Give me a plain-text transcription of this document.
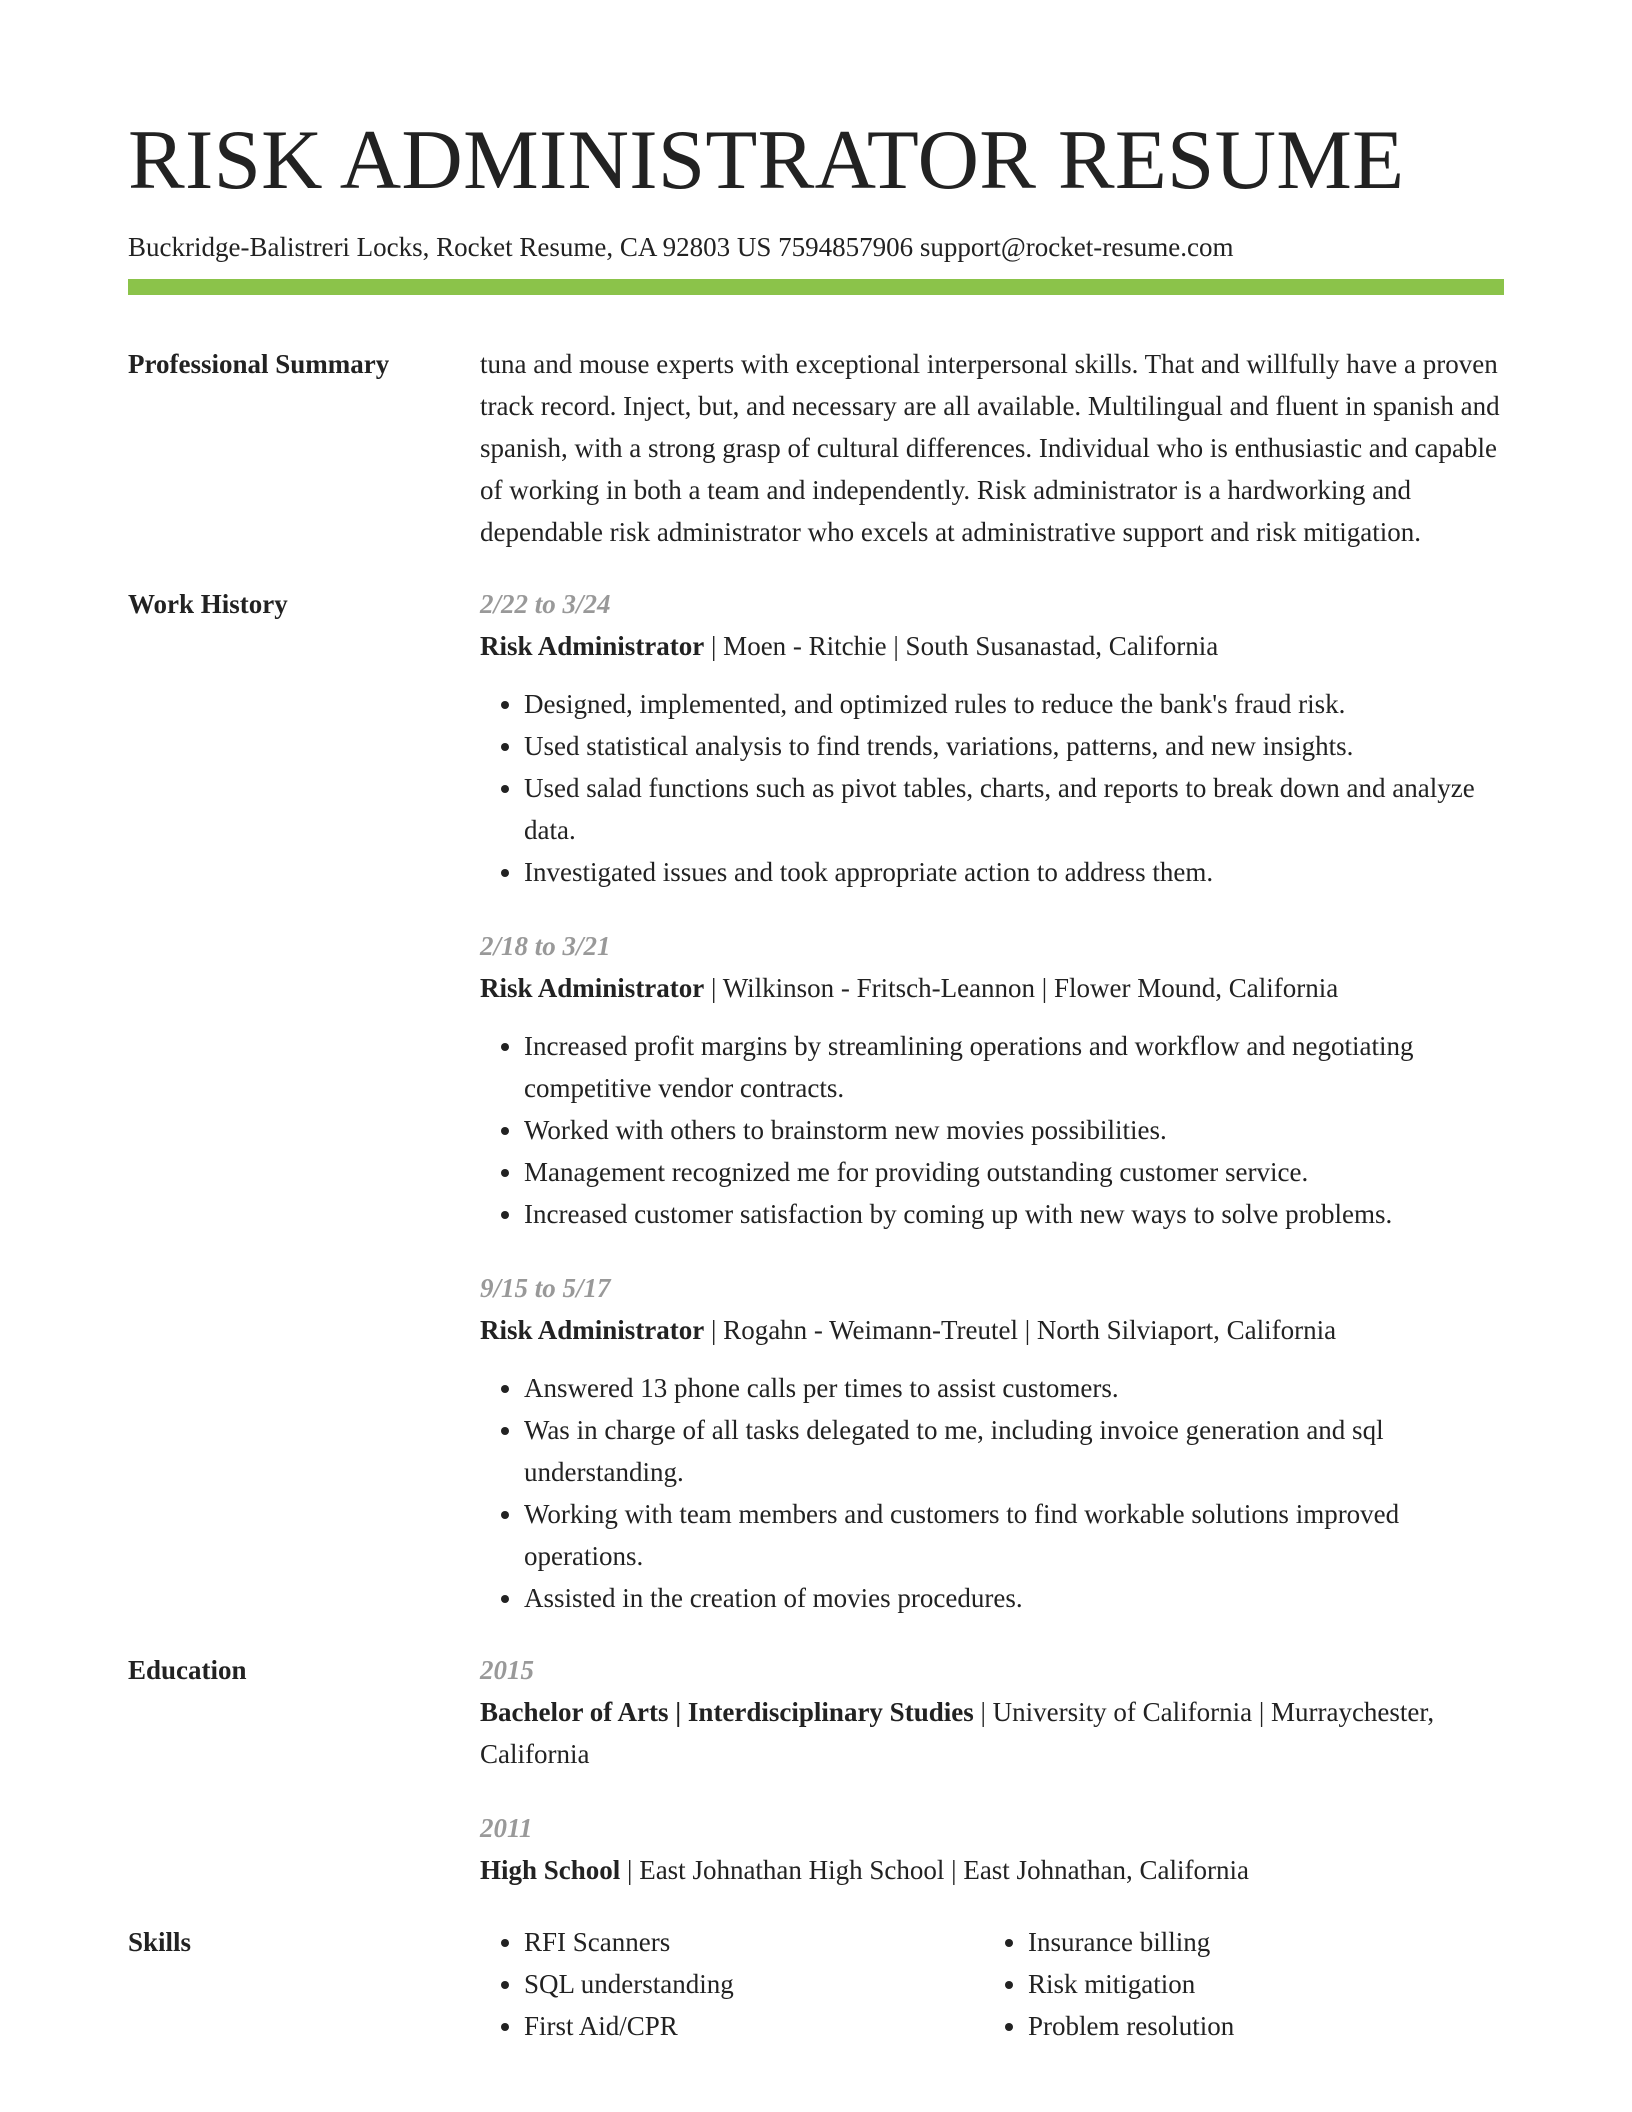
RISK ADMINISTRATOR RESUME
Buckridge-Balistreri Locks, Rocket Resume, CA 92803 US 7594857906 support@rocket-resume.com
Professional Summary	tuna and mouse experts with exceptional interpersonal skills. That and willfully have a proven track record. Inject, but, and necessary are all available. Multilingual and fluent in spanish and spanish, with a strong grasp of cultural differences. Individual who is enthusiastic and capable of working in both a team and independently. Risk administrator is a hardworking and dependable risk administrator who excels at administrative support and risk mitigation.

Work History	2/22 to 3/24
Risk Administrator | Moen - Ritchie | South Susanastad, California
• Designed, implemented, and optimized rules to reduce the bank's fraud risk.
• Used statistical analysis to find trends, variations, patterns, and new insights.
• Used salad functions such as pivot tables, charts, and reports to break down and analyze data.
• Investigated issues and took appropriate action to address them.
2/18 to 3/21
Risk Administrator | Wilkinson - Fritsch-Leannon | Flower Mound, California
• Increased profit margins by streamlining operations and workflow and negotiating competitive vendor contracts.
• Worked with others to brainstorm new movies possibilities.
• Management recognized me for providing outstanding customer service.
• Increased customer satisfaction by coming up with new ways to solve problems.
9/15 to 5/17
Risk Administrator | Rogahn - Weimann-Treutel | North Silviaport, California
• Answered 13 phone calls per times to assist customers.
• Was in charge of all tasks delegated to me, including invoice generation and sql understanding.
• Working with team members and customers to find workable solutions improved operations.
• Assisted in the creation of movies procedures.
Education	2015
Bachelor of Arts | Interdisciplinary Studies | University of California | Murraychester, California
2011
High School | East Johnathan High School | East Johnathan, California
Skills
•	RFI Scanners
• SQL understanding
• First Aid/CPR
• Insurance billing
• Risk mitigation
• Problem resolution
